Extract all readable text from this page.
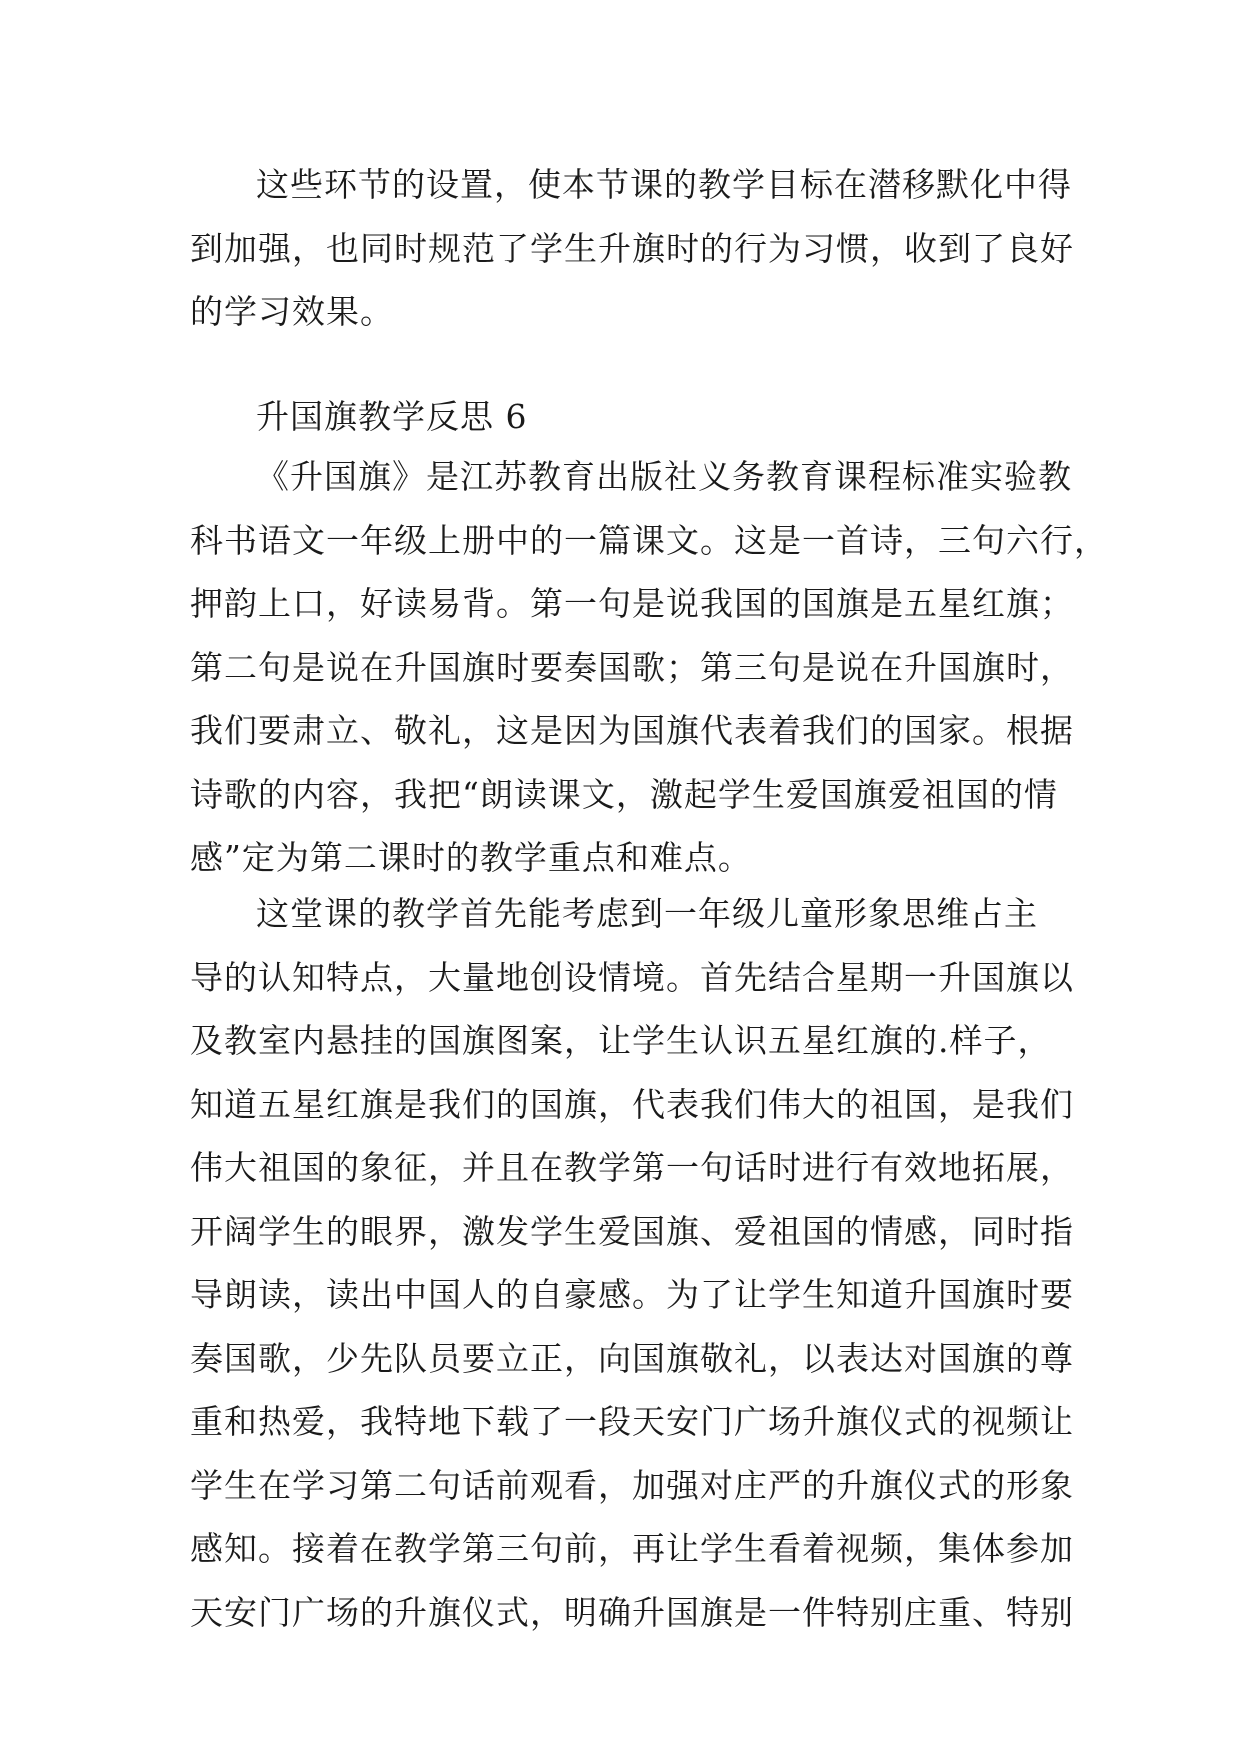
这些环节的设置，使本节课的教学目标在潜移默化中得
到加强，也同时规范了学生升旗时的行为习惯，收到了良好
的学习效果。
升国旗教学反思 6
《升国旗》是江苏教育出版社义务教育课程标准实验教
科书语文一年级上册中的一篇课文。这是一首诗，三句六行，
押韵上口，好读易背。第一句是说我国的国旗是五星红旗；
第二句是说在升国旗时要奏国歌；第三句是说在升国旗时，
我们要肃立、敬礼，这是因为国旗代表着我们的国家。根据
诗歌的内容，我把“朗读课文，激起学生爱国旗爱祖国的情
感”定为第二课时的教学重点和难点。
这堂课的教学首先能考虑到一年级儿童形象思维占主
导的认知特点，大量地创设情境。首先结合星期一升国旗以
及教室内悬挂的国旗图案，让学生认识五星红旗的.样子，
知道五星红旗是我们的国旗，代表我们伟大的祖国，是我们
伟大祖国的象征，并且在教学第一句话时进行有效地拓展，
开阔学生的眼界，激发学生爱国旗、爱祖国的情感，同时指
导朗读，读出中国人的自豪感。为了让学生知道升国旗时要
奏国歌，少先队员要立正，向国旗敬礼，以表达对国旗的尊
重和热爱，我特地下载了一段天安门广场升旗仪式的视频让
学生在学习第二句话前观看，加强对庄严的升旗仪式的形象
感知。接着在教学第三句前，再让学生看着视频，集体参加
天安门广场的升旗仪式，明确升国旗是一件特别庄重、特别
